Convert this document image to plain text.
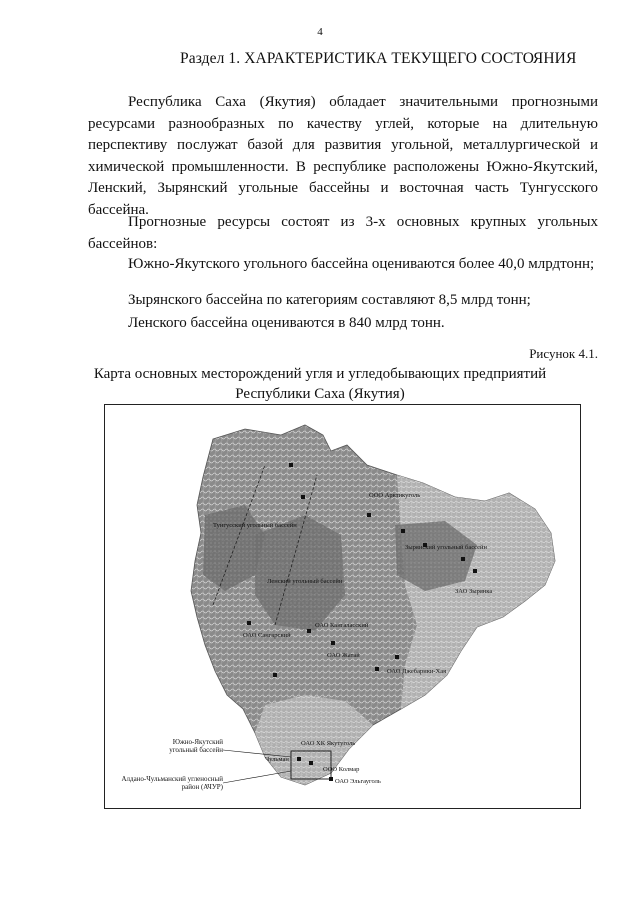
4
Раздел 1. ХАРАКТЕРИСТИКА ТЕКУЩЕГО СОСТОЯНИЯ

Республика Саха (Якутия) обладает значительными прогнозными ресурсами разнообразных по качеству углей, которые на длительную перспективу послужат базой для развития угольной, металлургической и химической промышленности. В республике расположены Южно-Якутский, Ленский, Зырянский угольные бассейны и восточная часть Тунгусского бассейна.

Прогнозные ресурсы состоят из 3-х основных крупных угольных бассейнов:

Южно-Якутского угольного бассейна оцениваются более 40,0 млрдтонн;

Зырянского бассейна по категориям составляют 8,5 млрд тонн;

Ленского бассейна оцениваются в 840 млрд тонн.

Рисунок 4.1.
Карта основных месторождений угля и угледобывающих предприятий
Республики Саха (Якутия)
Тунгусский угольный бассейн
Ленский угольный бассейн
Зырянский угольный бассейн
ОАО Сангарский
ОАО Кангаласский
ОАО Жатай
ОАО Джебарики-Хая
ОАО ХК Якутуголь
ОАО Эльгауголь
ООО Колмар
ООО Арктикуголь
ЗАО Зырянка
Чульман
Южно-Якутский угольный бассейн
Алдано-Чульманский угленосный район (АЧУР)
